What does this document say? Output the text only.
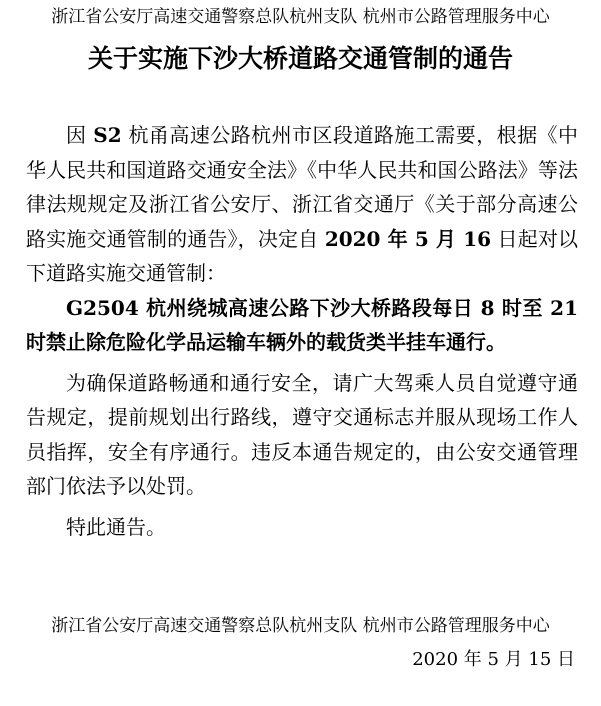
浙江省公安厅高速交通警察总队杭州支队 杭州市公路管理服务中心
关于实施下沙大桥道路交通管制的通告

因 S2 杭甬高速公路杭州市区段道路施工需要，根据《中华人民共和国道路交通安全法》《中华人民共和国公路法》等法律法规规定及浙江省公安厅、浙江省交通厅《关于部分高速公路实施交通管制的通告》，决定自 2020 年 5 月 16 日起对以下道路实施交通管制：

G2504 杭州绕城高速公路下沙大桥路段每日 8 时至 21 时禁止除危险化学品运输车辆外的载货类半挂车通行。

为确保道路畅通和通行安全，请广大驾乘人员自觉遵守通告规定，提前规划出行路线，遵守交通标志并服从现场工作人员指挥，安全有序通行。违反本通告规定的，由公安交通管理部门依法予以处罚。

特此通告。

浙江省公安厅高速交通警察总队杭州支队 杭州市公路管理服务中心
2020 年 5 月 15 日
